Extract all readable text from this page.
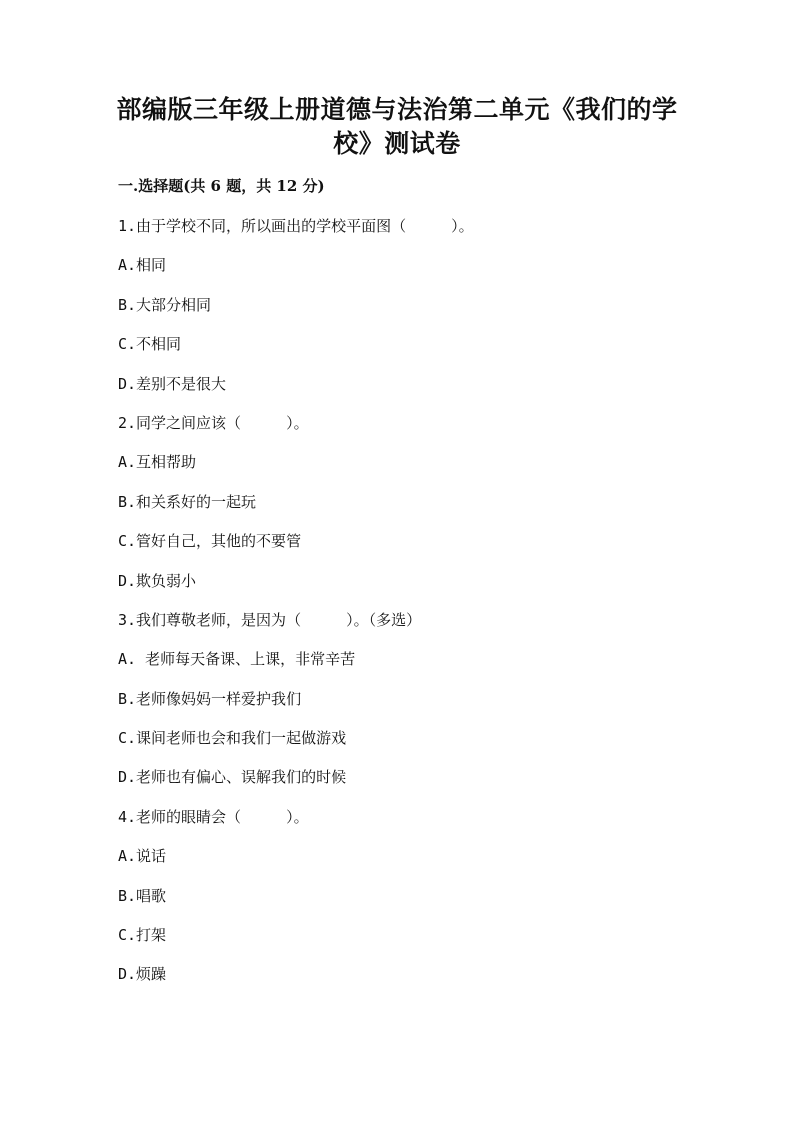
部编版三年级上册道德与法治第二单元《我们的学
校》测试卷
一.选择题(共 6 题，共 12 分)
1.由于学校不同，所以画出的学校平面图（　　　）。
A.相同
B.大部分相同
C.不相同
D.差别不是很大
2.同学之间应该（　　　）。
A.互相帮助
B.和关系好的一起玩
C.管好自己，其他的不要管
D.欺负弱小
3.我们尊敬老师，是因为（　　　）。（多选）
A. 老师每天备课、上课，非常辛苦
B.老师像妈妈一样爱护我们
C.课间老师也会和我们一起做游戏
D.老师也有偏心、误解我们的时候
4.老师的眼睛会（　　　）。
A.说话
B.唱歌
C.打架
D.烦躁
